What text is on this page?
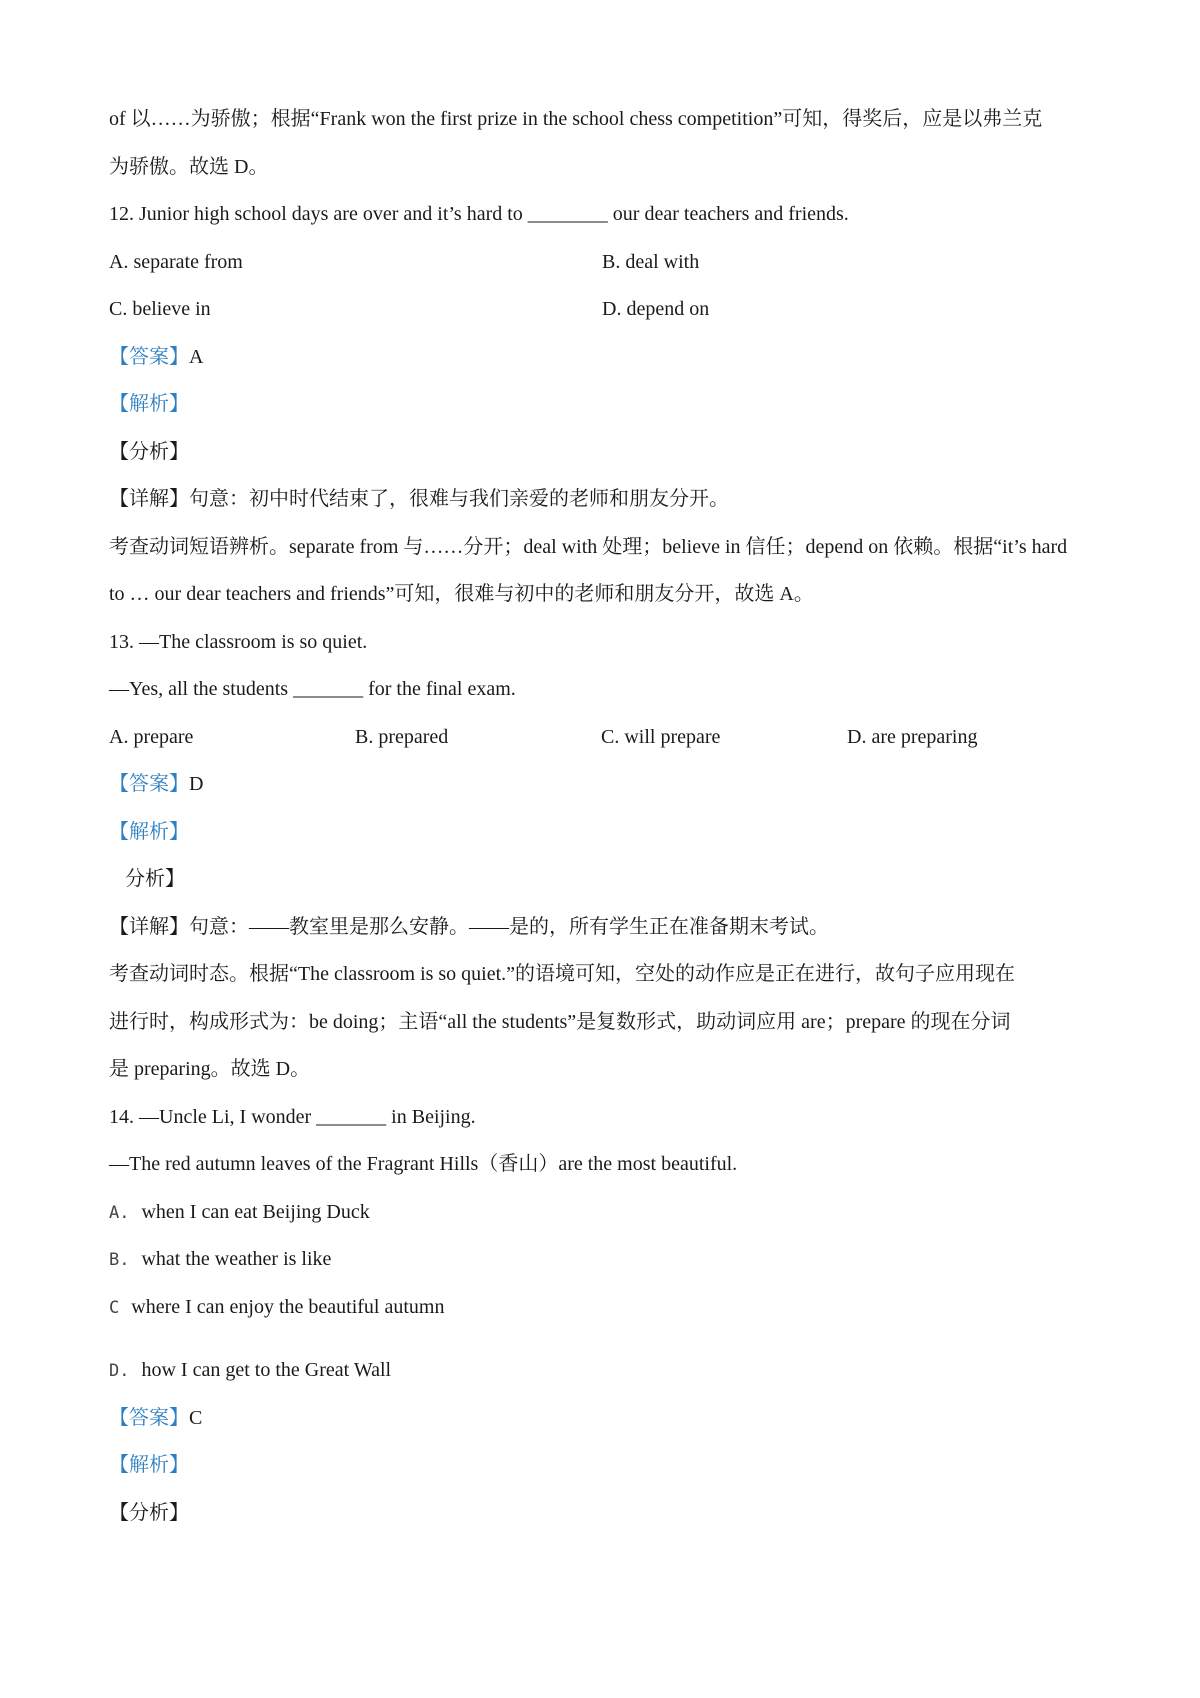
of 以……为骄傲；根据“Frank won the first prize in the school chess competition”可知，得奖后，应是以弗兰克
为骄傲。故选 D。
12. Junior high school days are over and it’s hard to ________ our dear teachers and friends.
A. separate from	B. deal with
C. believe in	D. depend on
【答案】A
【解析】
【分析】
【详解】句意：初中时代结束了，很难与我们亲爱的老师和朋友分开。
考查动词短语辨析。separate from 与……分开；deal with 处理；believe in 信任；depend on 依赖。根据“it’s hard
to … our dear teachers and friends”可知，很难与初中的老师和朋友分开，故选 A。
13. —The classroom is so quiet.
—Yes, all the students _______ for the final exam.
A. prepare	B. prepared	C. will prepare	D. are preparing
【答案】D
【解析】
分析】
【详解】句意：——教室里是那么安静。——是的，所有学生正在准备期末考试。
考查动词时态。根据“The classroom is so quiet.”的语境可知，空处的动作应是正在进行，故句子应用现在
进行时，构成形式为：be doing；主语“all the students”是复数形式，助动词应用 are；prepare 的现在分词
是 preparing。故选 D。
14. —Uncle Li, I wonder _______ in Beijing.
—The red autumn leaves of the Fragrant Hills（香山）are the most beautiful.
A. when I can eat Beijing Duck
B. what the weather is like
C where I can enjoy the beautiful autumn
D. how I can get to the Great Wall
【答案】C
【解析】
【分析】
